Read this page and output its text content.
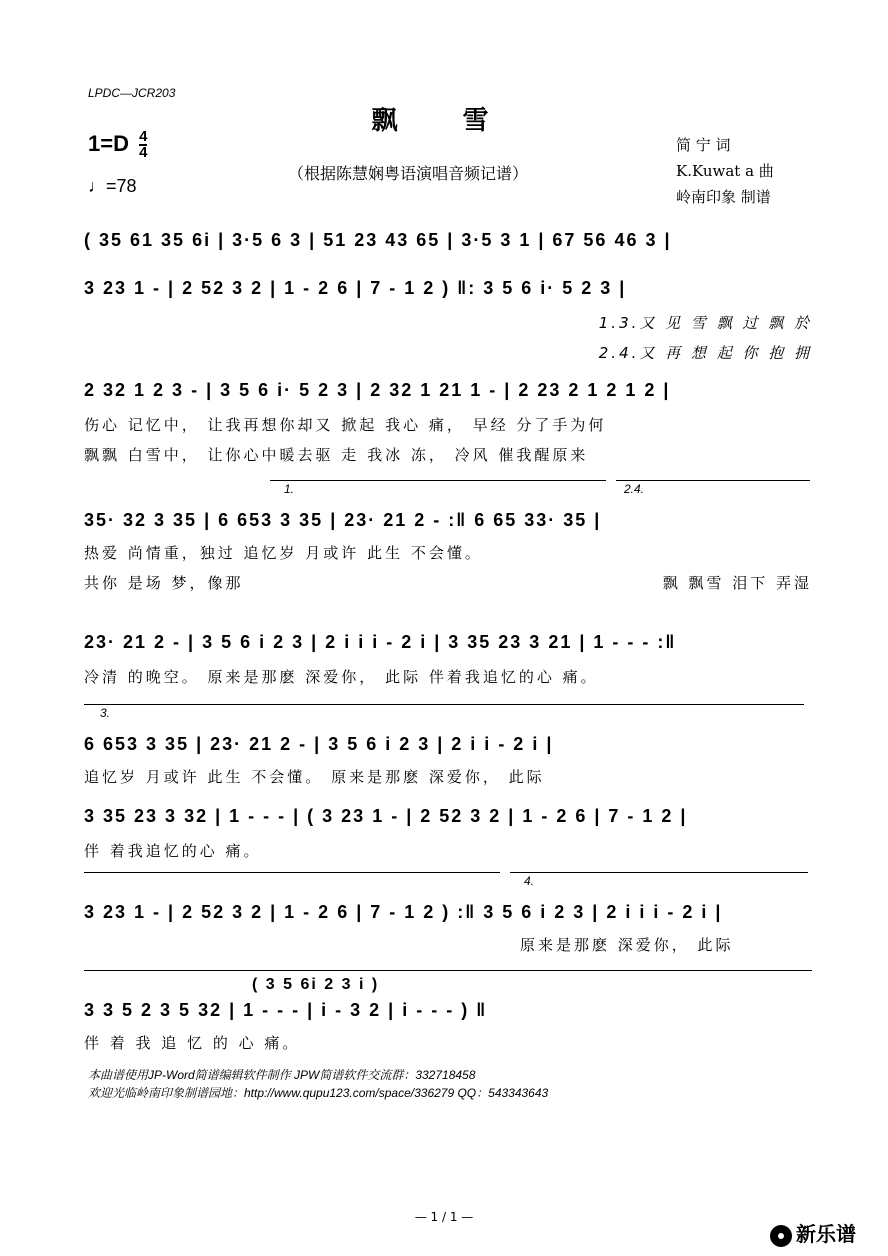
LPDC—JCR203
飘 雪
$1=D \frac{4}{4}$
♩=78
（根据陈慧娴粤语演唱音频记谱）
简 宁 词
K.Kuwat a 曲
岭南印象 制谱
( 35 61 35 6i | 3·5 6 3 | 51 23 43 65 | 3·5 3 1 | 67 56 46 3 |
3 23 1 - | 2 52 3 2 | 1 - 2 6 | 7 - 1 2 ) ‖: 3 5 6 i· 5 2 3 |
1.3.又 见 雪 飘 过 飘 於
2.4.又 再 想 起 你 抱 拥
2 32 1 2 3 - | 3 5 6 i· 5 2 3 | 2 32 1 21 1 - | 2 23 2 1 2 1 2 |
伤心 记忆中， 让我再想你却又 掀起 我心 痛， 早经 分了手为何
飘飘 白雪中， 让你心中暖去驱 走 我冰 冻， 冷风 催我醒原来
1.	2.4.
35· 32 3 35 | 6 653 3 35 | 23· 21 2 - :‖ 6 65 33· 35 |
热爱 尚情重，独过 追忆岁 月或许 此生 不会懂。
共你 是场 梦，像那	飘 飘雪 泪下 弄湿
23· 21 2 - | 3 5 6 i 2 3 | 2 i i i - 2 i | 3 35 23 3 21 | 1 - - - :‖
冷清 的晚空。 原来是那麽 深爱你， 此际 伴着我追忆的心 痛。
3.
6 653 3 35 | 23· 21 2 - | 3 5 6 i 2 3 | 2 i i - 2 i |
追忆岁 月或许 此生 不会懂。 原来是那麽 深爱你， 此际
3 35 23 3 32 | 1 - - - | ( 3 23 1 - | 2 52 3 2 | 1 - 2 6 | 7 - 1 2 |
伴 着我追忆的心 痛。
4.
3 23 1 - | 2 52 3 2 | 1 - 2 6 | 7 - 1 2 ) :‖ 3 5 6 i 2 3 | 2 i i i - 2 i |
原来是那麽 深爱你， 此际
( 3 5 6i 2 3 i )
3 3 5 2 3 5 32 | 1 - - - | i - 3 2 | i - - - ) ‖
伴 着 我 追 忆 的 心 痛。
本曲谱使用JP-Word简谱编辑软件制作 JPW简谱软件交流群：332718458
欢迎光临岭南印象制谱园地：http://www.qupu123.com/space/336279 QQ：543343643
— 1 / 1 —
新乐谱
